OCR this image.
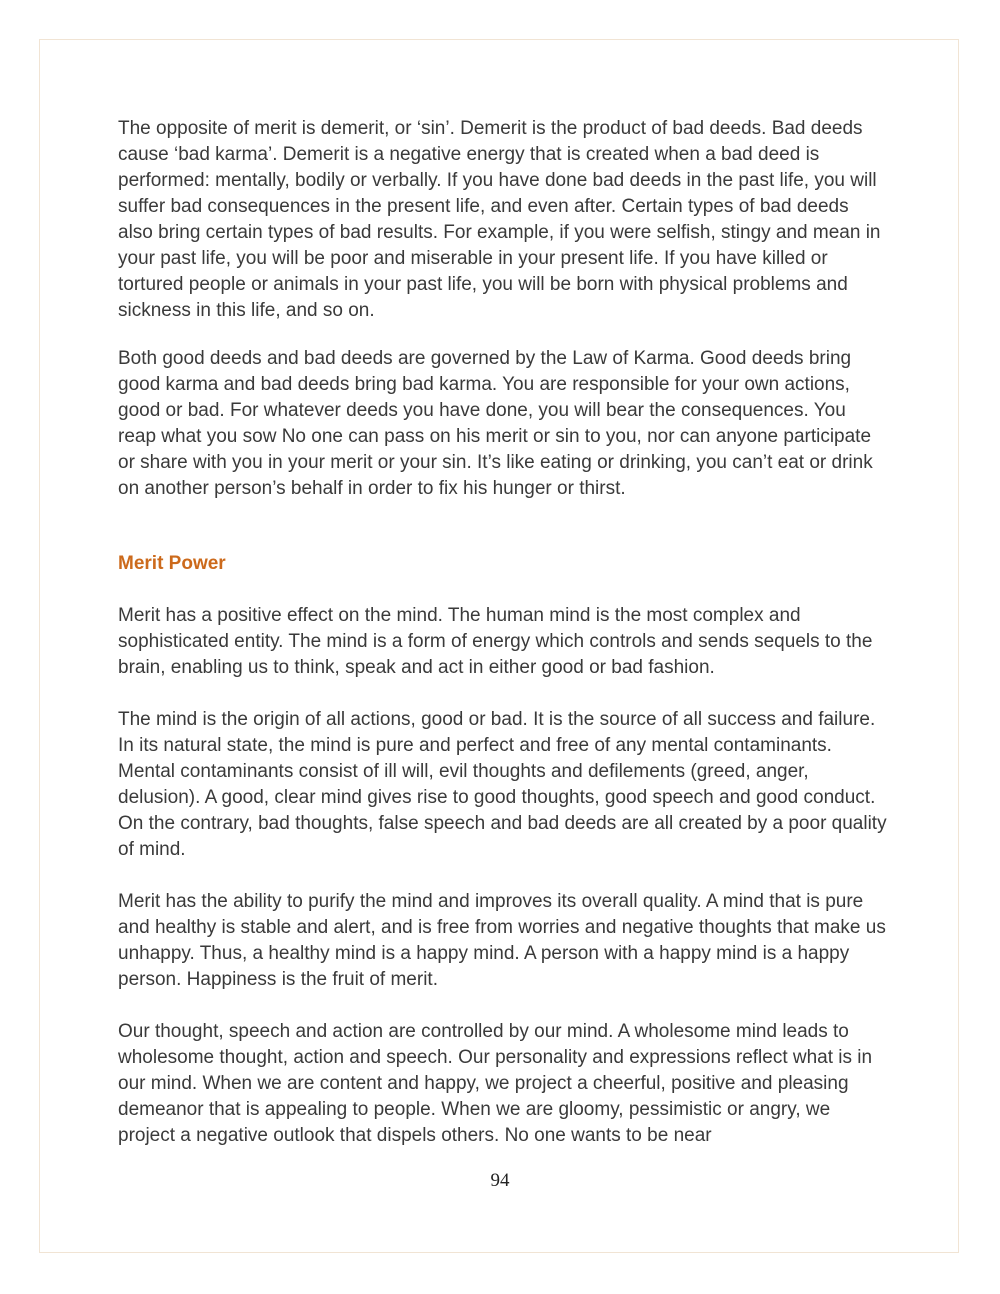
The opposite of merit is demerit, or ‘sin’. Demerit is the product of bad deeds. Bad deeds cause ‘bad karma’. Demerit is a negative energy that is created when a bad deed is performed: mentally, bodily or verbally. If you have done bad deeds in the past life, you will suffer bad consequences in the present life, and even after. Certain types of bad deeds also bring certain types of bad results. For example, if you were selfish, stingy and mean in your past life, you will be poor and miserable in your present life. If you have killed or tortured people or animals in your past life, you will be born with physical problems and sickness in this life, and so on.

Both good deeds and bad deeds are governed by the Law of Karma. Good deeds bring good karma and bad deeds bring bad karma. You are responsible for your own actions, good or bad. For whatever deeds you have done, you will bear the consequences. You reap what you sow No one can pass on his merit or sin to you, nor can anyone participate or share with you in your merit or your sin. It’s like eating or drinking, you can’t eat or drink on another person’s behalf in order to fix his hunger or thirst.

Merit Power

Merit has a positive effect on the mind. The human mind is the most complex and sophisticated entity. The mind is a form of energy which controls and sends sequels to the brain, enabling us to think, speak and act in either good or bad fashion.

The mind is the origin of all actions, good or bad. It is the source of all success and failure. In its natural state, the mind is pure and perfect and free of any mental contaminants. Mental contaminants consist of ill will, evil thoughts and defilements (greed, anger, delusion). A good, clear mind gives rise to good thoughts, good speech and good conduct. On the contrary, bad thoughts, false speech and bad deeds are all created by a poor quality of mind.

Merit has the ability to purify the mind and improves its overall quality. A mind that is pure and healthy is stable and alert, and is free from worries and negative thoughts that make us unhappy. Thus, a healthy mind is a happy mind. A person with a happy mind is a happy person. Happiness is the fruit of merit.

Our thought, speech and action are controlled by our mind. A wholesome mind leads to wholesome thought, action and speech. Our personality and expressions reflect what is in our mind. When we are content and happy, we project a cheerful, positive and pleasing demeanor that is appealing to people. When we are gloomy, pessimistic or angry, we project a negative outlook that dispels others. No one wants to be near

94
